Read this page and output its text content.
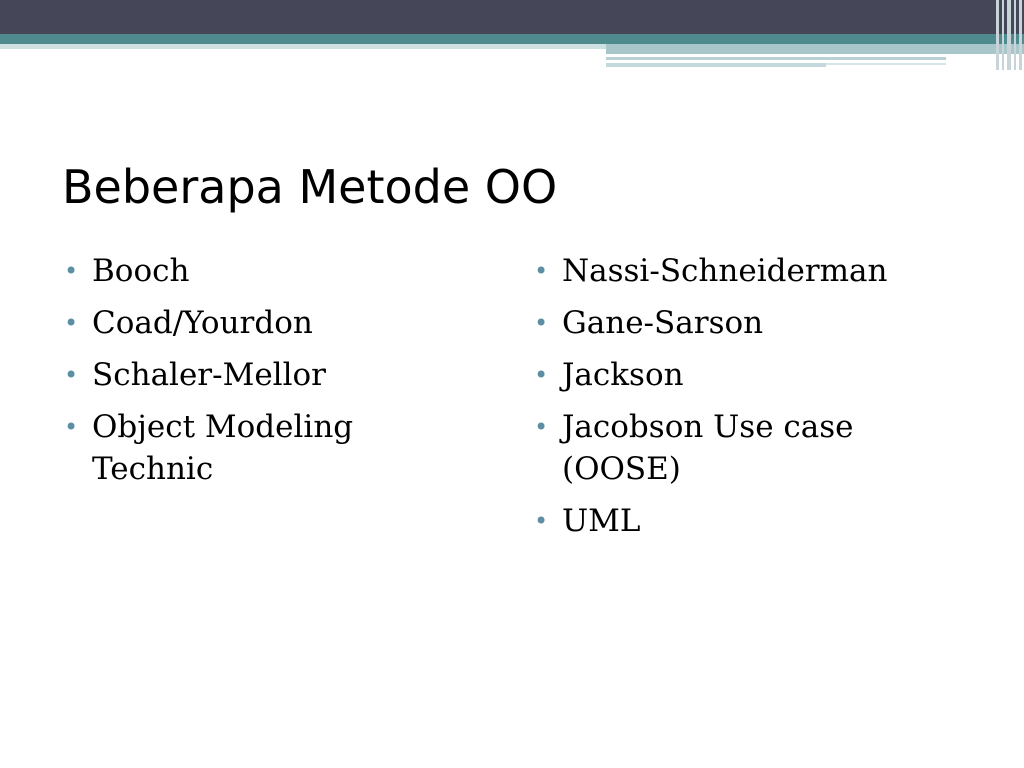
Beberapa Metode OO
• Booch
• Coad/Yourdon
• Schaler-Mellor
• Object Modeling Technic
• Nassi-Schneiderman
• Gane-Sarson
• Jackson
• Jacobson Use case (OOSE)
• UML
